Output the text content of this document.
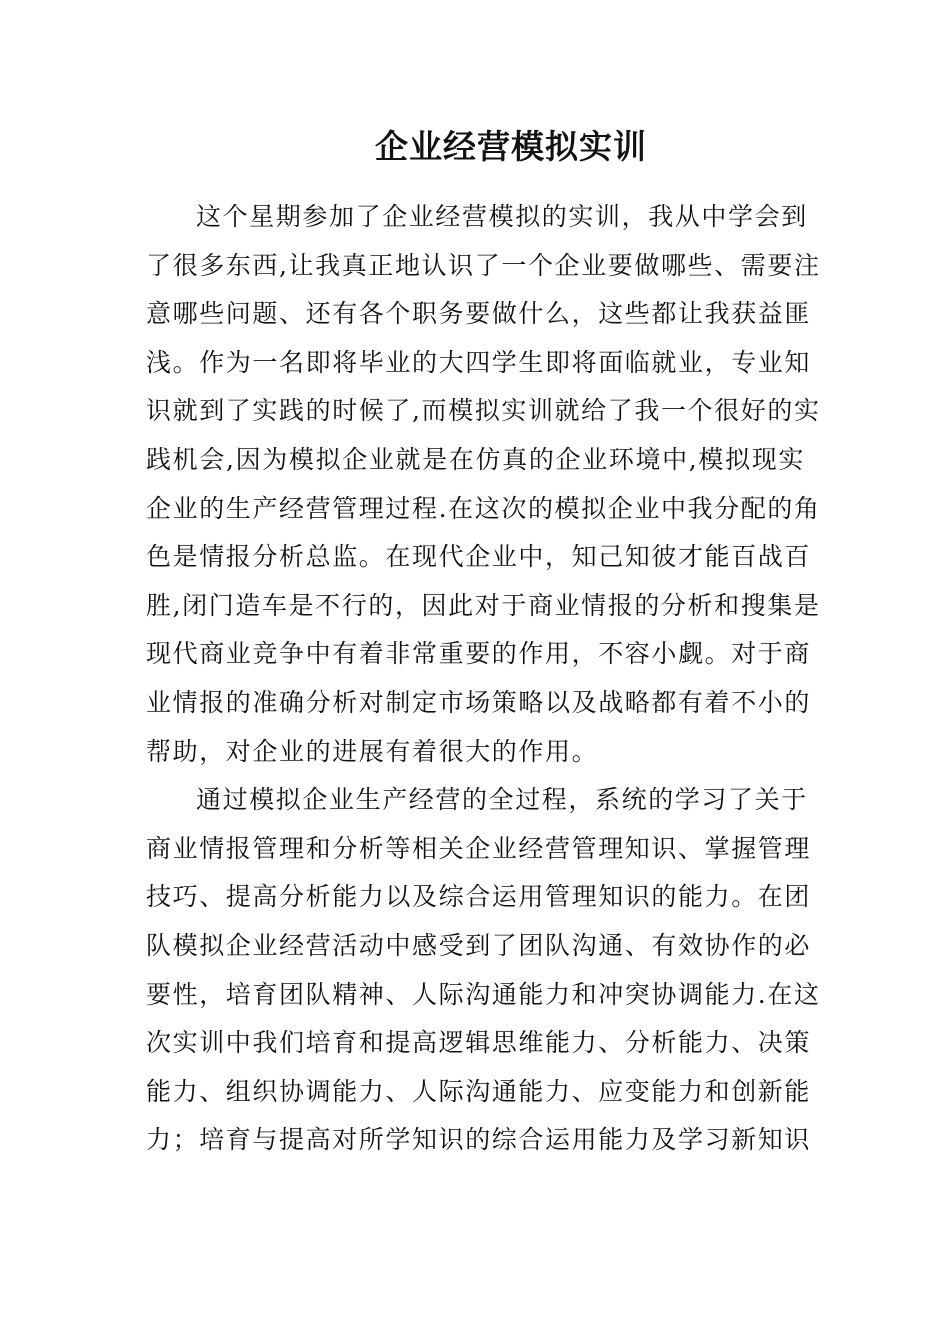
企业经营模拟实训
这个星期参加了企业经营模拟的实训，我从中学会到
了很多东西,让我真正地认识了一个企业要做哪些、需要注
意哪些问题、还有各个职务要做什么，这些都让我获益匪
浅。作为一名即将毕业的大四学生即将面临就业，专业知
识就到了实践的时候了,而模拟实训就给了我一个很好的实
践机会,因为模拟企业就是在仿真的企业环境中,模拟现实
企业的生产经营管理过程.在这次的模拟企业中我分配的角
色是情报分析总监。在现代企业中，知己知彼才能百战百
胜,闭门造车是不行的，因此对于商业情报的分析和搜集是
现代商业竞争中有着非常重要的作用，不容小觑。对于商
业情报的准确分析对制定市场策略以及战略都有着不小的
帮助，对企业的进展有着很大的作用。
通过模拟企业生产经营的全过程，系统的学习了关于
商业情报管理和分析等相关企业经营管理知识、掌握管理
技巧、提高分析能力以及综合运用管理知识的能力。在团
队模拟企业经营活动中感受到了团队沟通、有效协作的必
要性，培育团队精神、人际沟通能力和冲突协调能力.在这
次实训中我们培育和提高逻辑思维能力、分析能力、决策
能力、组织协调能力、人际沟通能力、应变能力和创新能
力；培育与提高对所学知识的综合运用能力及学习新知识
